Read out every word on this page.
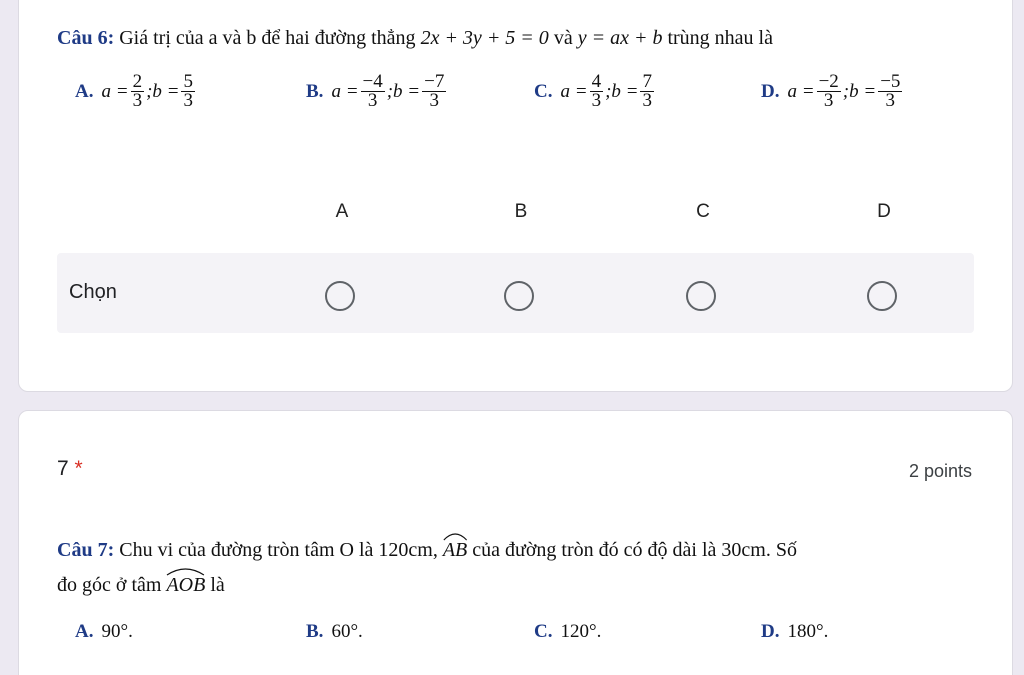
Câu 6: Giá trị của a và b để hai đường thẳng 2x + 3y + 5 = 0 và y = ax + b trùng nhau là
A. $a = \frac{2}{3}$ ;b = $\frac{5}{3}$	B. $a = \frac{-4}{3}$ ;b = $\frac{-7}{3}$	C. $a = \frac{4}{3}$ ;b = $\frac{7}{3}$	D. $a = \frac{-2}{3}$ ;b = $\frac{-5}{3}$
A	B	C	D
Chọn
7 *	2 points
Câu 7: Chu vi của đường tròn tâm O là 120cm,
AB của đường tròn đó có độ dài là 30cm. Số
đo góc ở tâm
AOB là
A. 90°.	B. 60°.	C. 120°.	D. 180°.
